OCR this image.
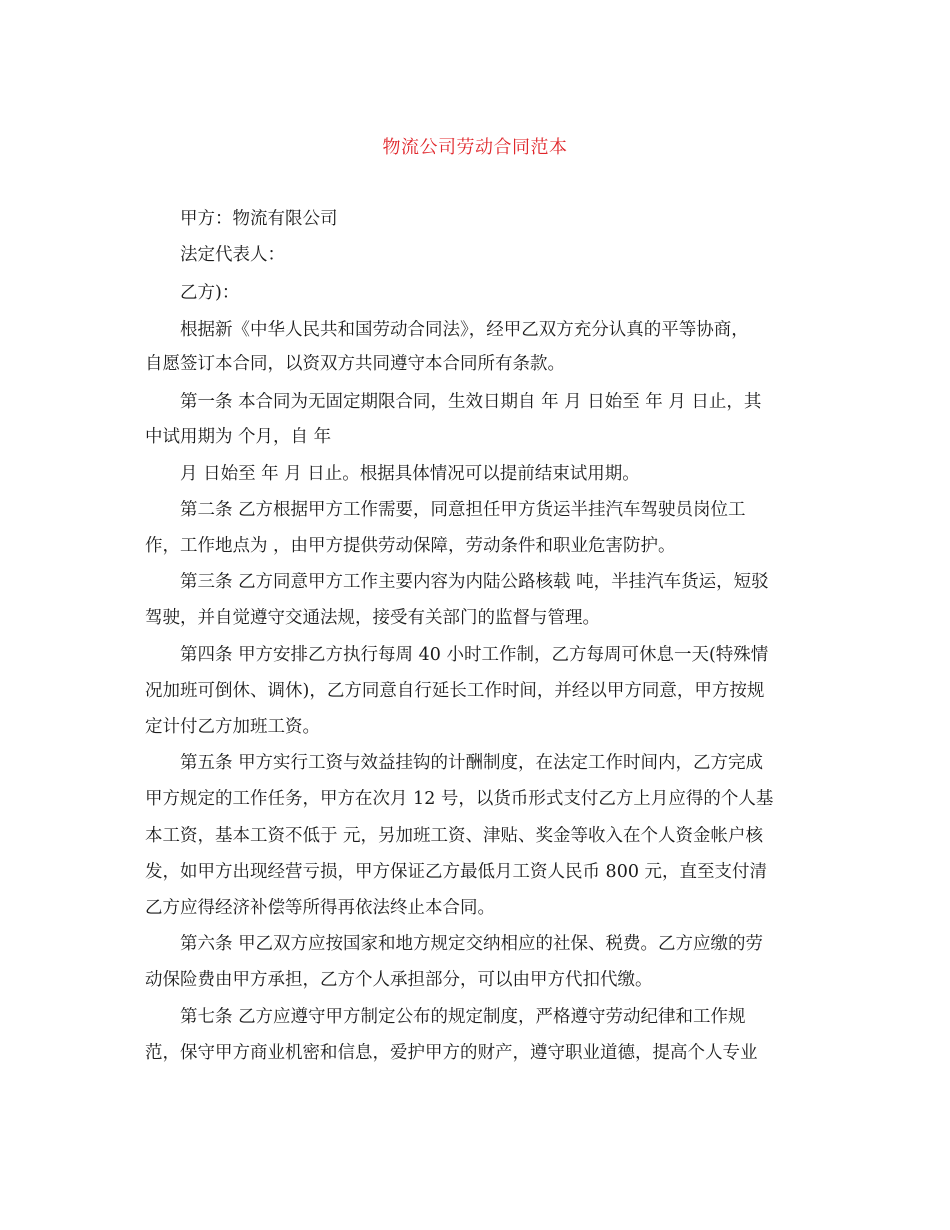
物流公司劳动合同范本
甲方：物流有限公司
法定代表人：
乙方)：
根据新《中华人民共和国劳动合同法》，经甲乙双方充分认真的平等协商，
自愿签订本合同，以资双方共同遵守本合同所有条款。
第一条 本合同为无固定期限合同，生效日期自 年 月 日始至 年 月 日止，其
中试用期为 个月，自 年
月 日始至 年 月 日止。根据具体情况可以提前结束试用期。
第二条 乙方根据甲方工作需要，同意担任甲方货运半挂汽车驾驶员岗位工
作，工作地点为 ，由甲方提供劳动保障，劳动条件和职业危害防护。
第三条 乙方同意甲方工作主要内容为内陆公路核载 吨，半挂汽车货运，短驳
驾驶，并自觉遵守交通法规，接受有关部门的监督与管理。
第四条 甲方安排乙方执行每周 40 小时工作制，乙方每周可休息一天(特殊情
况加班可倒休、调休)，乙方同意自行延长工作时间，并经以甲方同意，甲方按规
定计付乙方加班工资。
第五条 甲方实行工资与效益挂钩的计酬制度，在法定工作时间内，乙方完成
甲方规定的工作任务，甲方在次月 12 号，以货币形式支付乙方上月应得的个人基
本工资，基本工资不低于 元，另加班工资、津贴、奖金等收入在个人资金帐户核
发，如甲方出现经营亏损，甲方保证乙方最低月工资人民币 800 元，直至支付清
乙方应得经济补偿等所得再依法终止本合同。
第六条 甲乙双方应按国家和地方规定交纳相应的社保、税费。乙方应缴的劳
动保险费由甲方承担，乙方个人承担部分，可以由甲方代扣代缴。
第七条 乙方应遵守甲方制定公布的规定制度，严格遵守劳动纪律和工作规
范，保守甲方商业机密和信息，爱护甲方的财产，遵守职业道德，提高个人专业
